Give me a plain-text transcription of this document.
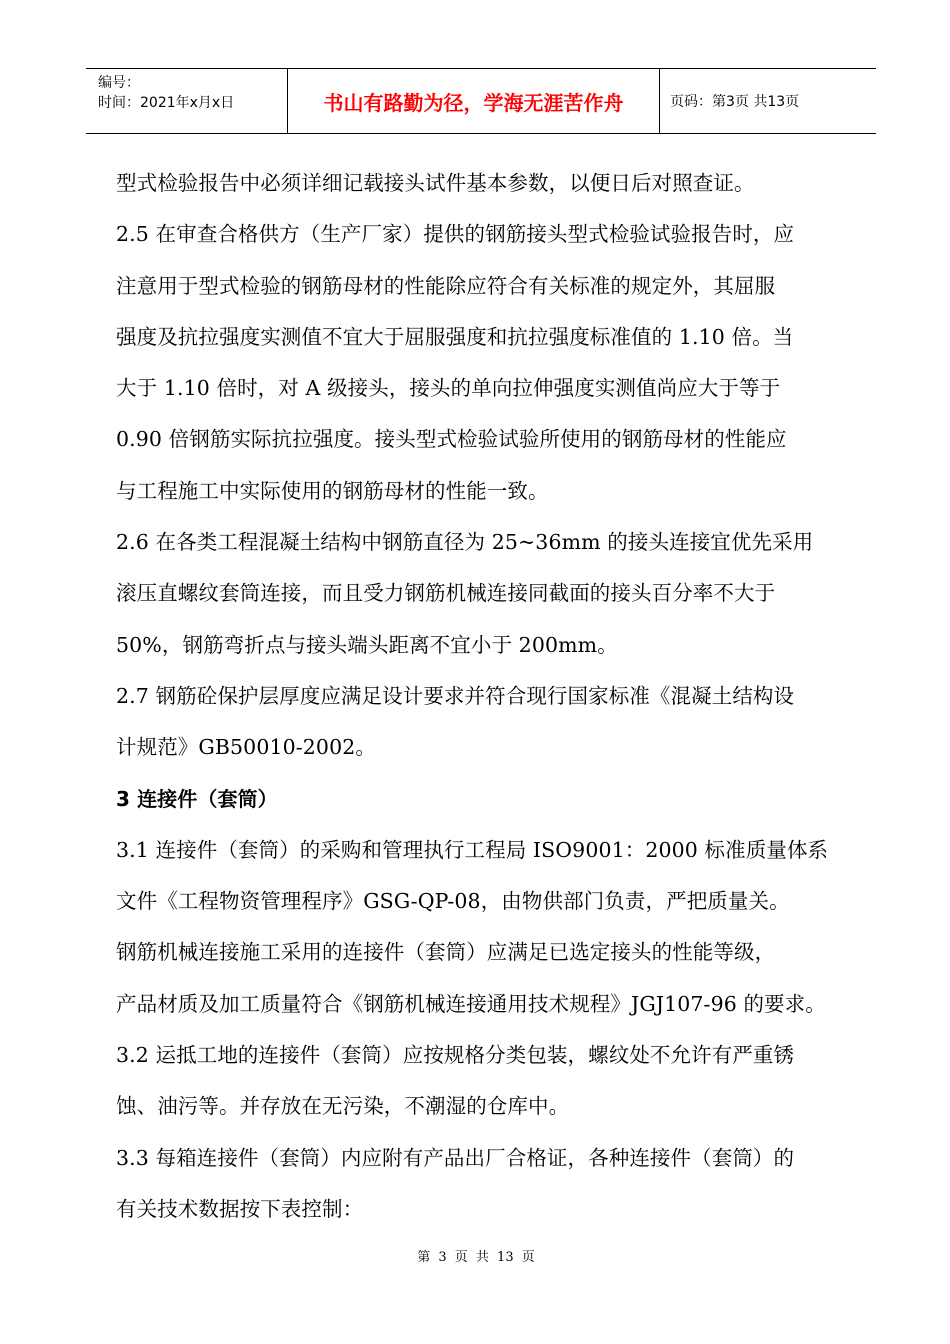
编号：
时间：2021年x月x日	书山有路勤为径，学海无涯苦作舟	页码：第3页 共13页
型式检验报告中必须详细记载接头试件基本参数，以便日后对照查证。
2.5 在审查合格供方（生产厂家）提供的钢筋接头型式检验试验报告时，应
注意用于型式检验的钢筋母材的性能除应符合有关标准的规定外，其屈服
强度及抗拉强度实测值不宜大于屈服强度和抗拉强度标准值的 1.10 倍。当
大于 1.10 倍时，对 A 级接头，接头的单向拉伸强度实测值尚应大于等于
0.90 倍钢筋实际抗拉强度。接头型式检验试验所使用的钢筋母材的性能应
与工程施工中实际使用的钢筋母材的性能一致。
2.6 在各类工程混凝土结构中钢筋直径为 25~36mm 的接头连接宜优先采用
滚压直螺纹套筒连接，而且受力钢筋机械连接同截面的接头百分率不大于
50%，钢筋弯折点与接头端头距离不宜小于 200mm。
2.7 钢筋砼保护层厚度应满足设计要求并符合现行国家标准《混凝土结构设
计规范》GB50010-2002。
3 连接件（套筒）
3.1 连接件（套筒）的采购和管理执行工程局 ISO9001：2000 标准质量体系
文件《工程物资管理程序》GSG-QP-08，由物供部门负责，严把质量关。
钢筋机械连接施工采用的连接件（套筒）应满足已选定接头的性能等级，
产品材质及加工质量符合《钢筋机械连接通用技术规程》JGJ107-96 的要求。
3.2 运抵工地的连接件（套筒）应按规格分类包装，螺纹处不允许有严重锈
蚀、油污等。并存放在无污染，不潮湿的仓库中。
3.3 每箱连接件（套筒）内应附有产品出厂合格证，各种连接件（套筒）的
有关技术数据按下表控制：
第 3 页 共 13 页
